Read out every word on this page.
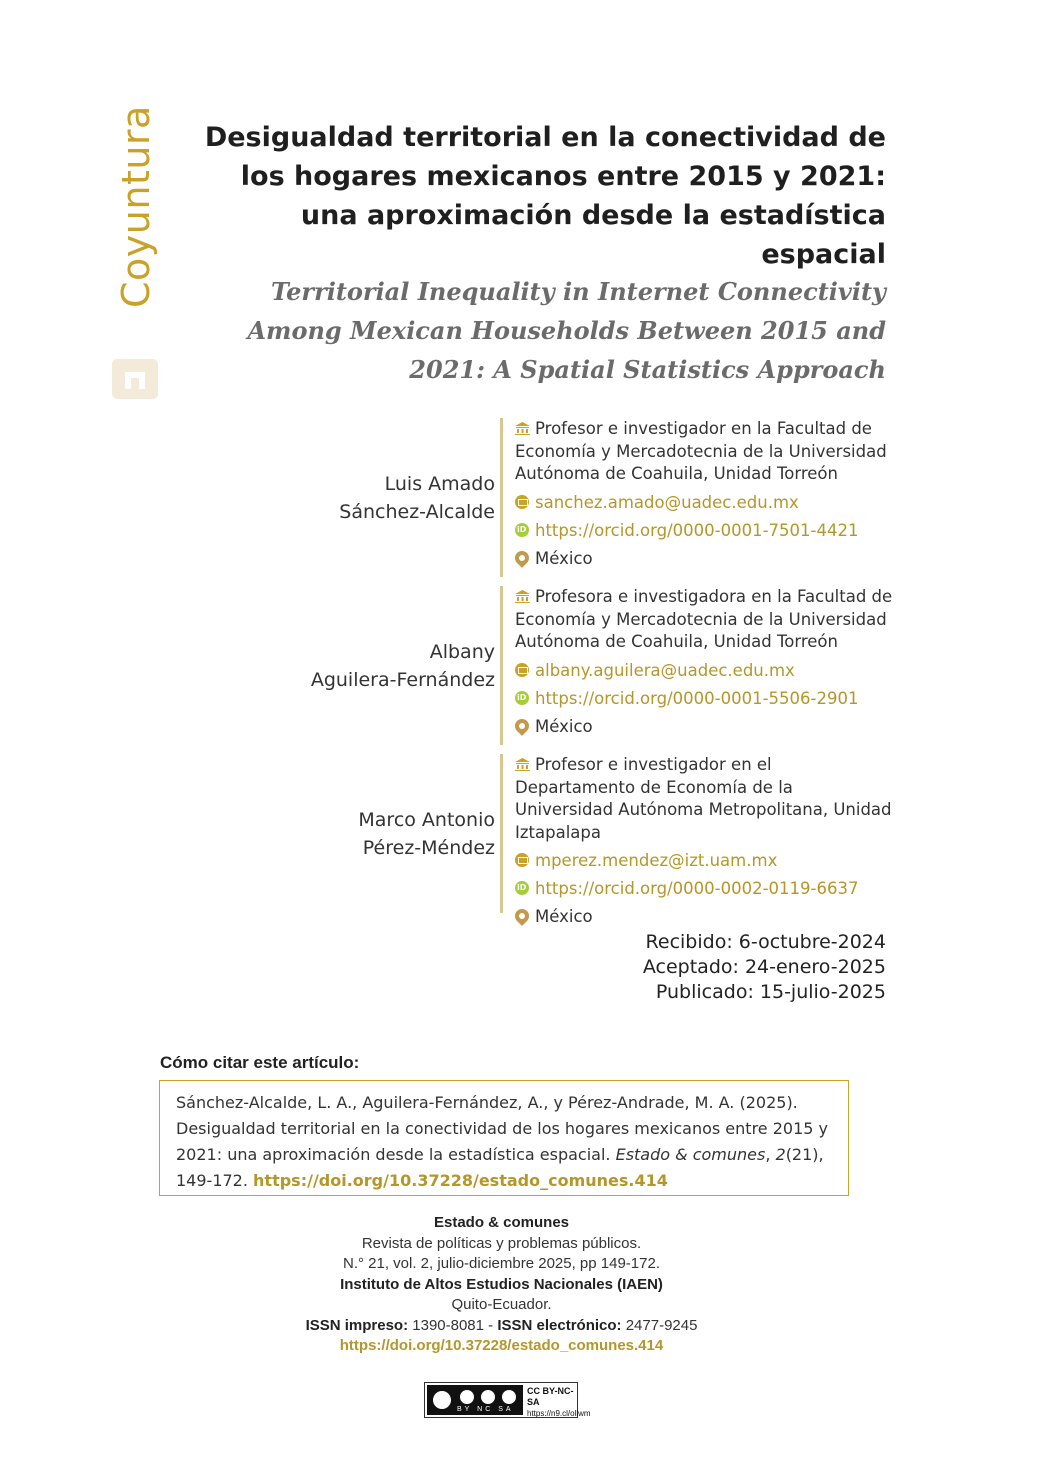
Coyuntura	Desigualdad territorial en la conectividad de los hogares mexicanos entre 2015 y 2021: una aproximación desde la estadística espacial
Territorial Inequality in Internet Connectivity Among Mexican Households Between 2015 and 2021: A Spatial Statistics Approach
Luis Amado
Sánchez-Alcalde
Profesor e investigador en la Facultad de Economía y Mercadotecnia de la Universidad Autónoma de Coahuila, Unidad Torreón
sanchez.amado@uadec.edu.mx
iDhttps://orcid.org/0000-0001-7501-4421
México
Albany
Aguilera-Fernández
Profesora e investigadora en la Facultad de Economía y Mercadotecnia de la Universidad Autónoma de Coahuila, Unidad Torreón
albany.aguilera@uadec.edu.mx
iDhttps://orcid.org/0000-0001-5506-2901
México
Marco Antonio
Pérez-Méndez
Profesor e investigador en el Departamento de Economía de la Universidad Autónoma Metropolitana, Unidad Iztapalapa
mperez.mendez@izt.uam.mx
iDhttps://orcid.org/0000-0002-0119-6637
México
Recibido: 6-octubre-2024
Aceptado: 24-enero-2025
Publicado: 15-julio-2025
Cómo citar este artículo:
Sánchez-Alcalde, L. A., Aguilera-Fernández, A., y Pérez-Andrade, M. A. (2025). Desigualdad territorial en la conectividad de los hogares mexicanos entre 2015 y 2021: una aproximación desde la estadística espacial. Estado & comunes, 2(21), 149-172. https://doi.org/10.37228/estado_comunes.414
Estado & comunes
Revista de políticas y problemas públicos.
N.° 21, vol. 2, julio-diciembre 2025, pp 149-172.
Instituto de Altos Estudios Nacionales (IAEN)
Quito-Ecuador.
ISSN impreso: 1390-8081 - ISSN electrónico: 2477-9245
https://doi.org/10.37228/estado_comunes.414
BY NC SA
CC BY-NC-SA
https://n9.cl/ollwm
